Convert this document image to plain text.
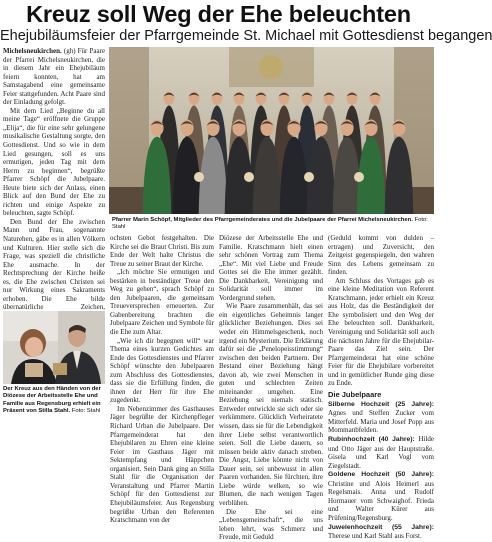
Kreuz soll Weg der Ehe beleuchten
Ehejubiläumsfeier der Pfarrgemeinde St. Michael mit Gottesdienst begangen

Michelsneukirchen. (gh) Für Paare der Pfarrei Michelsneukirchen, die in diesem Jahr ein Ehejubiläum feiern konnten, hat am Samstagabend eine gemeinsame Feier stattgefunden. Acht Paare sind der Einladung gefolgt.

Mit dem Lied „Beginne du all meine Tage“ eröffnete die Gruppe „Elija“, die für eine sehr gelungene musikalische Gestaltung sorgte, den Gottesdienst. Und so wie in dem Lied gesungen, soll es uns ermutigen, jeden Tag mit dem Herrn zu beginnen“, begrüßte Pfarrer Schöpf die Jubelpaare. Heute biete sich der Anlass, einen Blick auf den Bund der Ehe zu richten und einige Aspekte zu beleuchten, sagte Schöpf.

Den Bund der Ehe zwischen Mann und Frau, sogenannte Naturehen, gäbe es in allen Völkern und Kulturen. Hier stelle sich die Frage, was speziell die christliche Ehe ausmache. In der Rechtsprechung der Kirche heiße es, die Ehe zwischen Christen sei nur Wirkung eines Sakraments erhoben. Die Ehe bilde übernatürliche Zeichen,

Der Kreuz aus den Händen von der Diözese der Arbeitsstelle Ehe und Familie aus Regensburg erhielt ein Präsent von Stilla Stahl. Foto: Stahl
Pfarrer Marin Schöpf, Mitglieder des Pfarrgemeinderates und die Jubelpaare der Pfarrei Michelsneukirchen. Foto: Stahl

ochsten Gebot festgehalten. Die Kirche sei die Braut Christi. Bis zum Ende der Welt halte Christus die Treue zu seiner Braut der Kirche.

„Ich möchte Sie ermutigen und bestärken in beständiger Treue den Weg zu gehen“, sprach Schöpf zu den Jubelpaaren, die gemeinsam Treueversprechen erneuerten. Zur Gabenbereitung brachten die Jubelpaare Zeichen und Symbole für die Ehe zum Altar.

„Wie ich dir begegnen will“ war Thema eines kurzen Gedichtes am Ende des Gottesdienstes und Pfarrer Schöpf wünschte den Jubelpaaren zum Abschluss des Gottesdienstes, dass sie die Erfüllung finden, die ihnen der Herr für ihre Ehe zugedenkt.

Im Nebenzimmer des Gasthauses Jäger begrüßte der Kirchenpfleger Richard Urban die Jubelpaare. Der Pfarrgemeinderat hat den Ehejubilaren zu Ehren eine kleine Feier im Gasthaus Jäger mit Sektempfang und Häppchen organisiert. Sein Dank ging an Stilla Stahl für die Organisation der Veranstaltung und Pfarrer Martin Schöpf für den Gottesdienst zur Ehejubiläumsfeier. Aus Regensburg begrüßte Urban den Referenten Kratschmann von der

Diözese der Arbeitsstelle Ehe und Familie. Kratschmann hielt einen sehr schönen Vortrag zum Thema „Ehe“. Mit viel Liebe und Freude Gottes sei die Ehe immer gezählt. Die Dankbarkeit, Vereinigung und Solidarität soll immer im Vordergrund stehen.

Wie Paare zusammenhält, das sei ein eigentliches Geheimnis langer glücklicher Beziehungen. Dies sei weder ein Himmelsgeschenk, noch irgend ein Mysterium. Die Erklärung dafür sei die „Penelopeisstimmung“ zwischen den beiden Partnern. Der Bestand einer Beziehung hängt davon ab, wie zwei Menschen in guten und schlechten Zeiten miteinander umgehen. Eine Beziehung sei niemals statisch. Entweder entwickle sie sich oder sie verkümmere. Glücklich Verheiratete wissen, dass sie für die Lebendigkeit ihrer Liebe selbst verantwortlich seien. Soll die Liebe dauern, so müssen beide aktiv danach streben. Die Angst, Liebe könnte nicht von Dauer sein, sei unbewusst in allen Paaren vorhanden. Sie fürchten, ihre Liebe würde welken, so wie Blumen, die nach wenigen Tagen verblühen.

Die Ehe sei eine „Lebensgemeinschaft“, die uns leben lehrt, was Schmerz und Freude, mit Geduld

(Geduld kommt von dulden – ertragen) und Zuversicht, den Zeitgeist gegenspiegeln, den wahren Sinn des Lebens gemeinsam zu finden.

Am Schluss des Vortages gab es eine kleine Meditation von Referent Kratschmann, jeder erhielt ein Kreuz aus Holz, das die Beständigkeit der Ehe symbolisiert und den Weg der Ehe beleuchten soll. Dankbarkeit, Vereinigung und Solidarität soll auch die nächsten Jahre für die Ehejubilar-Paare das Ziel sein. Der Pfarrgemeinderat hat eine schöne Feier für die Ehejubilare vorbereitet und in gemütlicher Runde ging diese zu Ende.

Die Jubelpaare

Silberne Hochzeit (25 Jahre): Agnes und Steffen Zucker vom Mitterfeld. Maria und Josef Popp aus Mommanbfelden.

Rubinhochzeit (40 Jahre): Hilde und Otto Jäger aus der Hauptstraße. Gisela und Karl Vogl vom Ziegelstadt.

Goldene Hochzeit (50 Jahre): Christine und Alois Heimerl aus Regelsmais. Anna und Rudolf Hormauer vom Schwaighof. Frieda und Walter Kürer aus Prüfening/Regensburg.

Juwelenhochzeit (55 Jahre): Therese und Karl Stahl aus Forst.
